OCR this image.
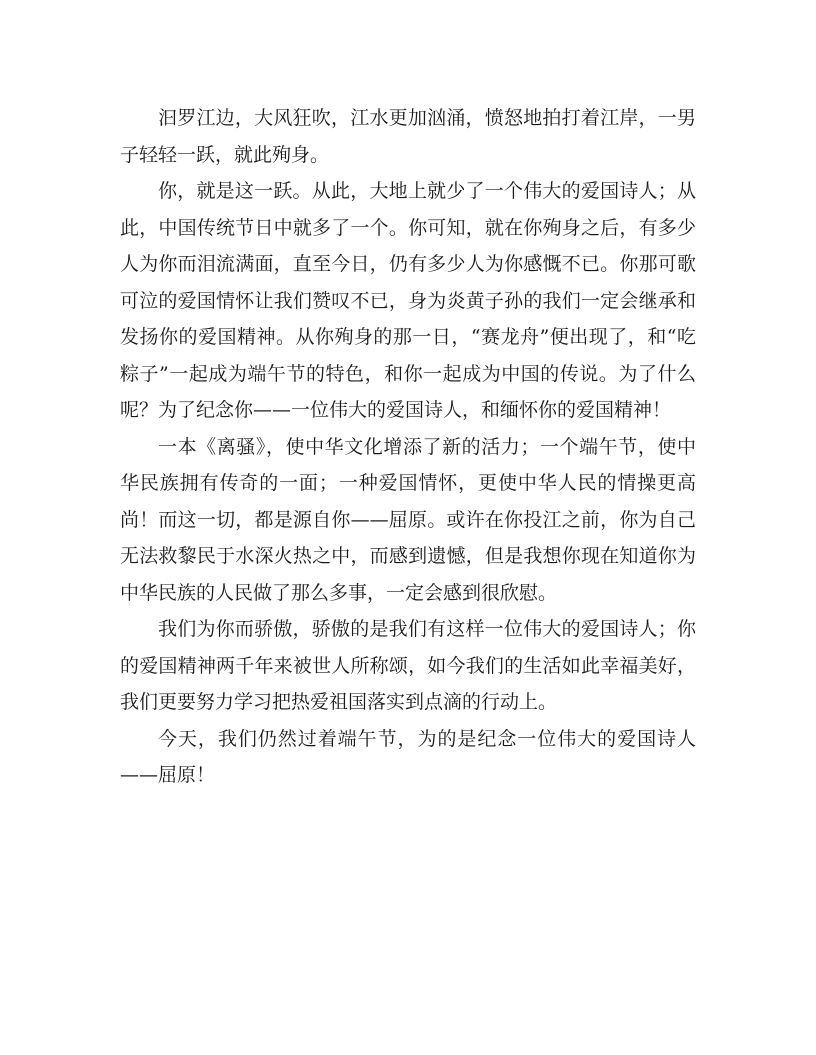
汩罗江边，大风狂吹，江水更加汹涌，愤怒地拍打着江岸，一男子轻轻一跃，就此殉身。

你，就是这一跃。从此，大地上就少了一个伟大的爱国诗人；从此，中国传统节日中就多了一个。你可知，就在你殉身之后，有多少人为你而泪流满面，直至今日，仍有多少人为你感慨不已。你那可歌可泣的爱国情怀让我们赞叹不已，身为炎黄子孙的我们一定会继承和发扬你的爱国精神。从你殉身的那一日，“赛龙舟”便出现了，和“吃粽子”一起成为端午节的特色，和你一起成为中国的传说。为了什么呢？为了纪念你——一位伟大的爱国诗人，和缅怀你的爱国精神！

一本《离骚》，使中华文化增添了新的活力；一个端午节，使中华民族拥有传奇的一面；一种爱国情怀，更使中华人民的情操更高尚！而这一切，都是源自你——屈原。或许在你投江之前，你为自己无法救黎民于水深火热之中，而感到遗憾，但是我想你现在知道你为中华民族的人民做了那么多事，一定会感到很欣慰。

我们为你而骄傲，骄傲的是我们有这样一位伟大的爱国诗人；你的爱国精神两千年来被世人所称颂，如今我们的生活如此幸福美好，我们更要努力学习把热爱祖国落实到点滴的行动上。

今天，我们仍然过着端午节，为的是纪念一位伟大的爱国诗人——屈原！
